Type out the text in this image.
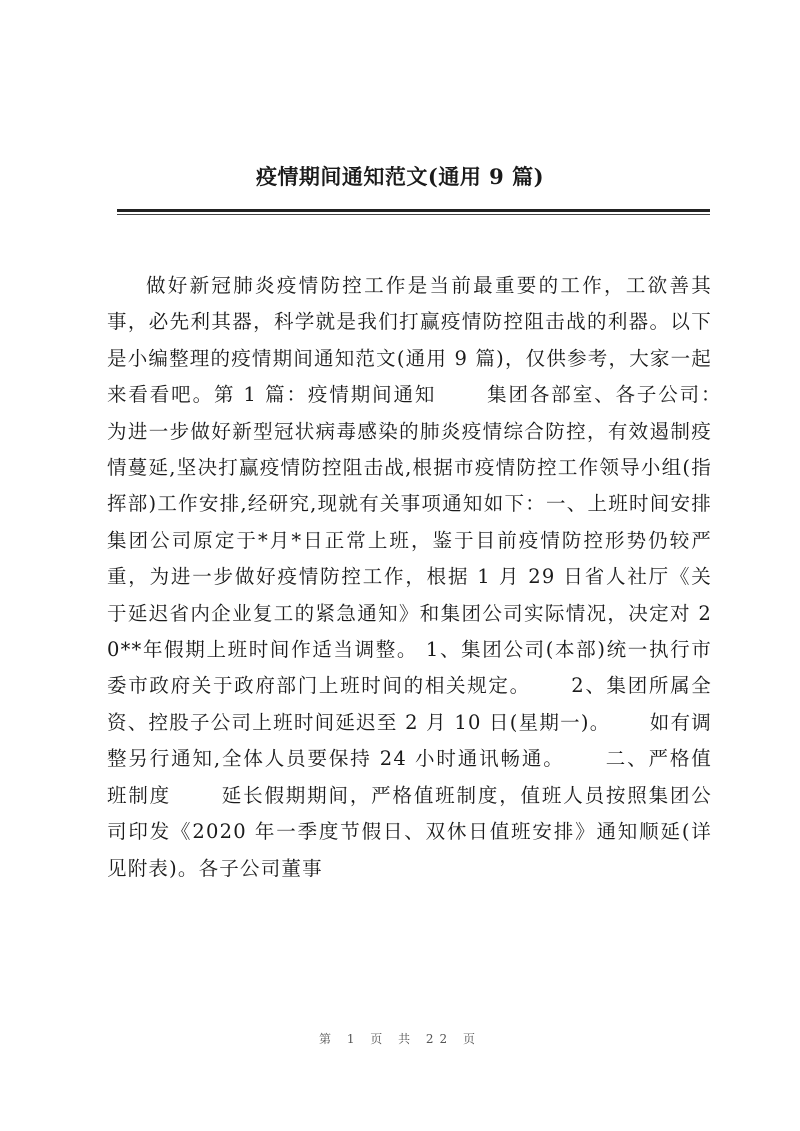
疫情期间通知范文(通用 9 篇)

做好新冠肺炎疫情防控工作是当前最重要的工作，工欲善其事，必先利其器，科学就是我们打赢疫情防控阻击战的利器。以下是小编整理的疫情期间通知范文(通用 9 篇)，仅供参考，大家一起来看看吧。第 1 篇：疫情期间通知　　 集团各部室、各子公司：　　 为进一步做好新型冠状病毒感染的肺炎疫情综合防控，有效遏制疫情蔓延,坚决打赢疫情防控阻击战,根据市疫情防控工作领导小组(指挥部)工作安排,经研究,现就有关事项通知如下：一、上班时间安排　　 集团公司原定于*月*日正常上班，鉴于目前疫情防控形势仍较严重，为进一步做好疫情防控工作，根据 1 月 29 日省人社厅《关于延迟省内企业复工的紧急通知》和集团公司实际情况，决定对 20**年假期上班时间作适当调整。 1、集团公司(本部)统一执行市委市政府关于政府部门上班时间的相关规定。　　 2、集团所属全资、控股子公司上班时间延迟至 2 月 10 日(星期一)。　　 如有调整另行通知,全体人员要保持 24 小时通讯畅通。　　 二、严格值班制度　　 延长假期期间，严格值班制度，值班人员按照集团公司印发《2020 年一季度节假日、双休日值班安排》通知顺延(详见附表)。各子公司董事

第 1 页 共 22 页
